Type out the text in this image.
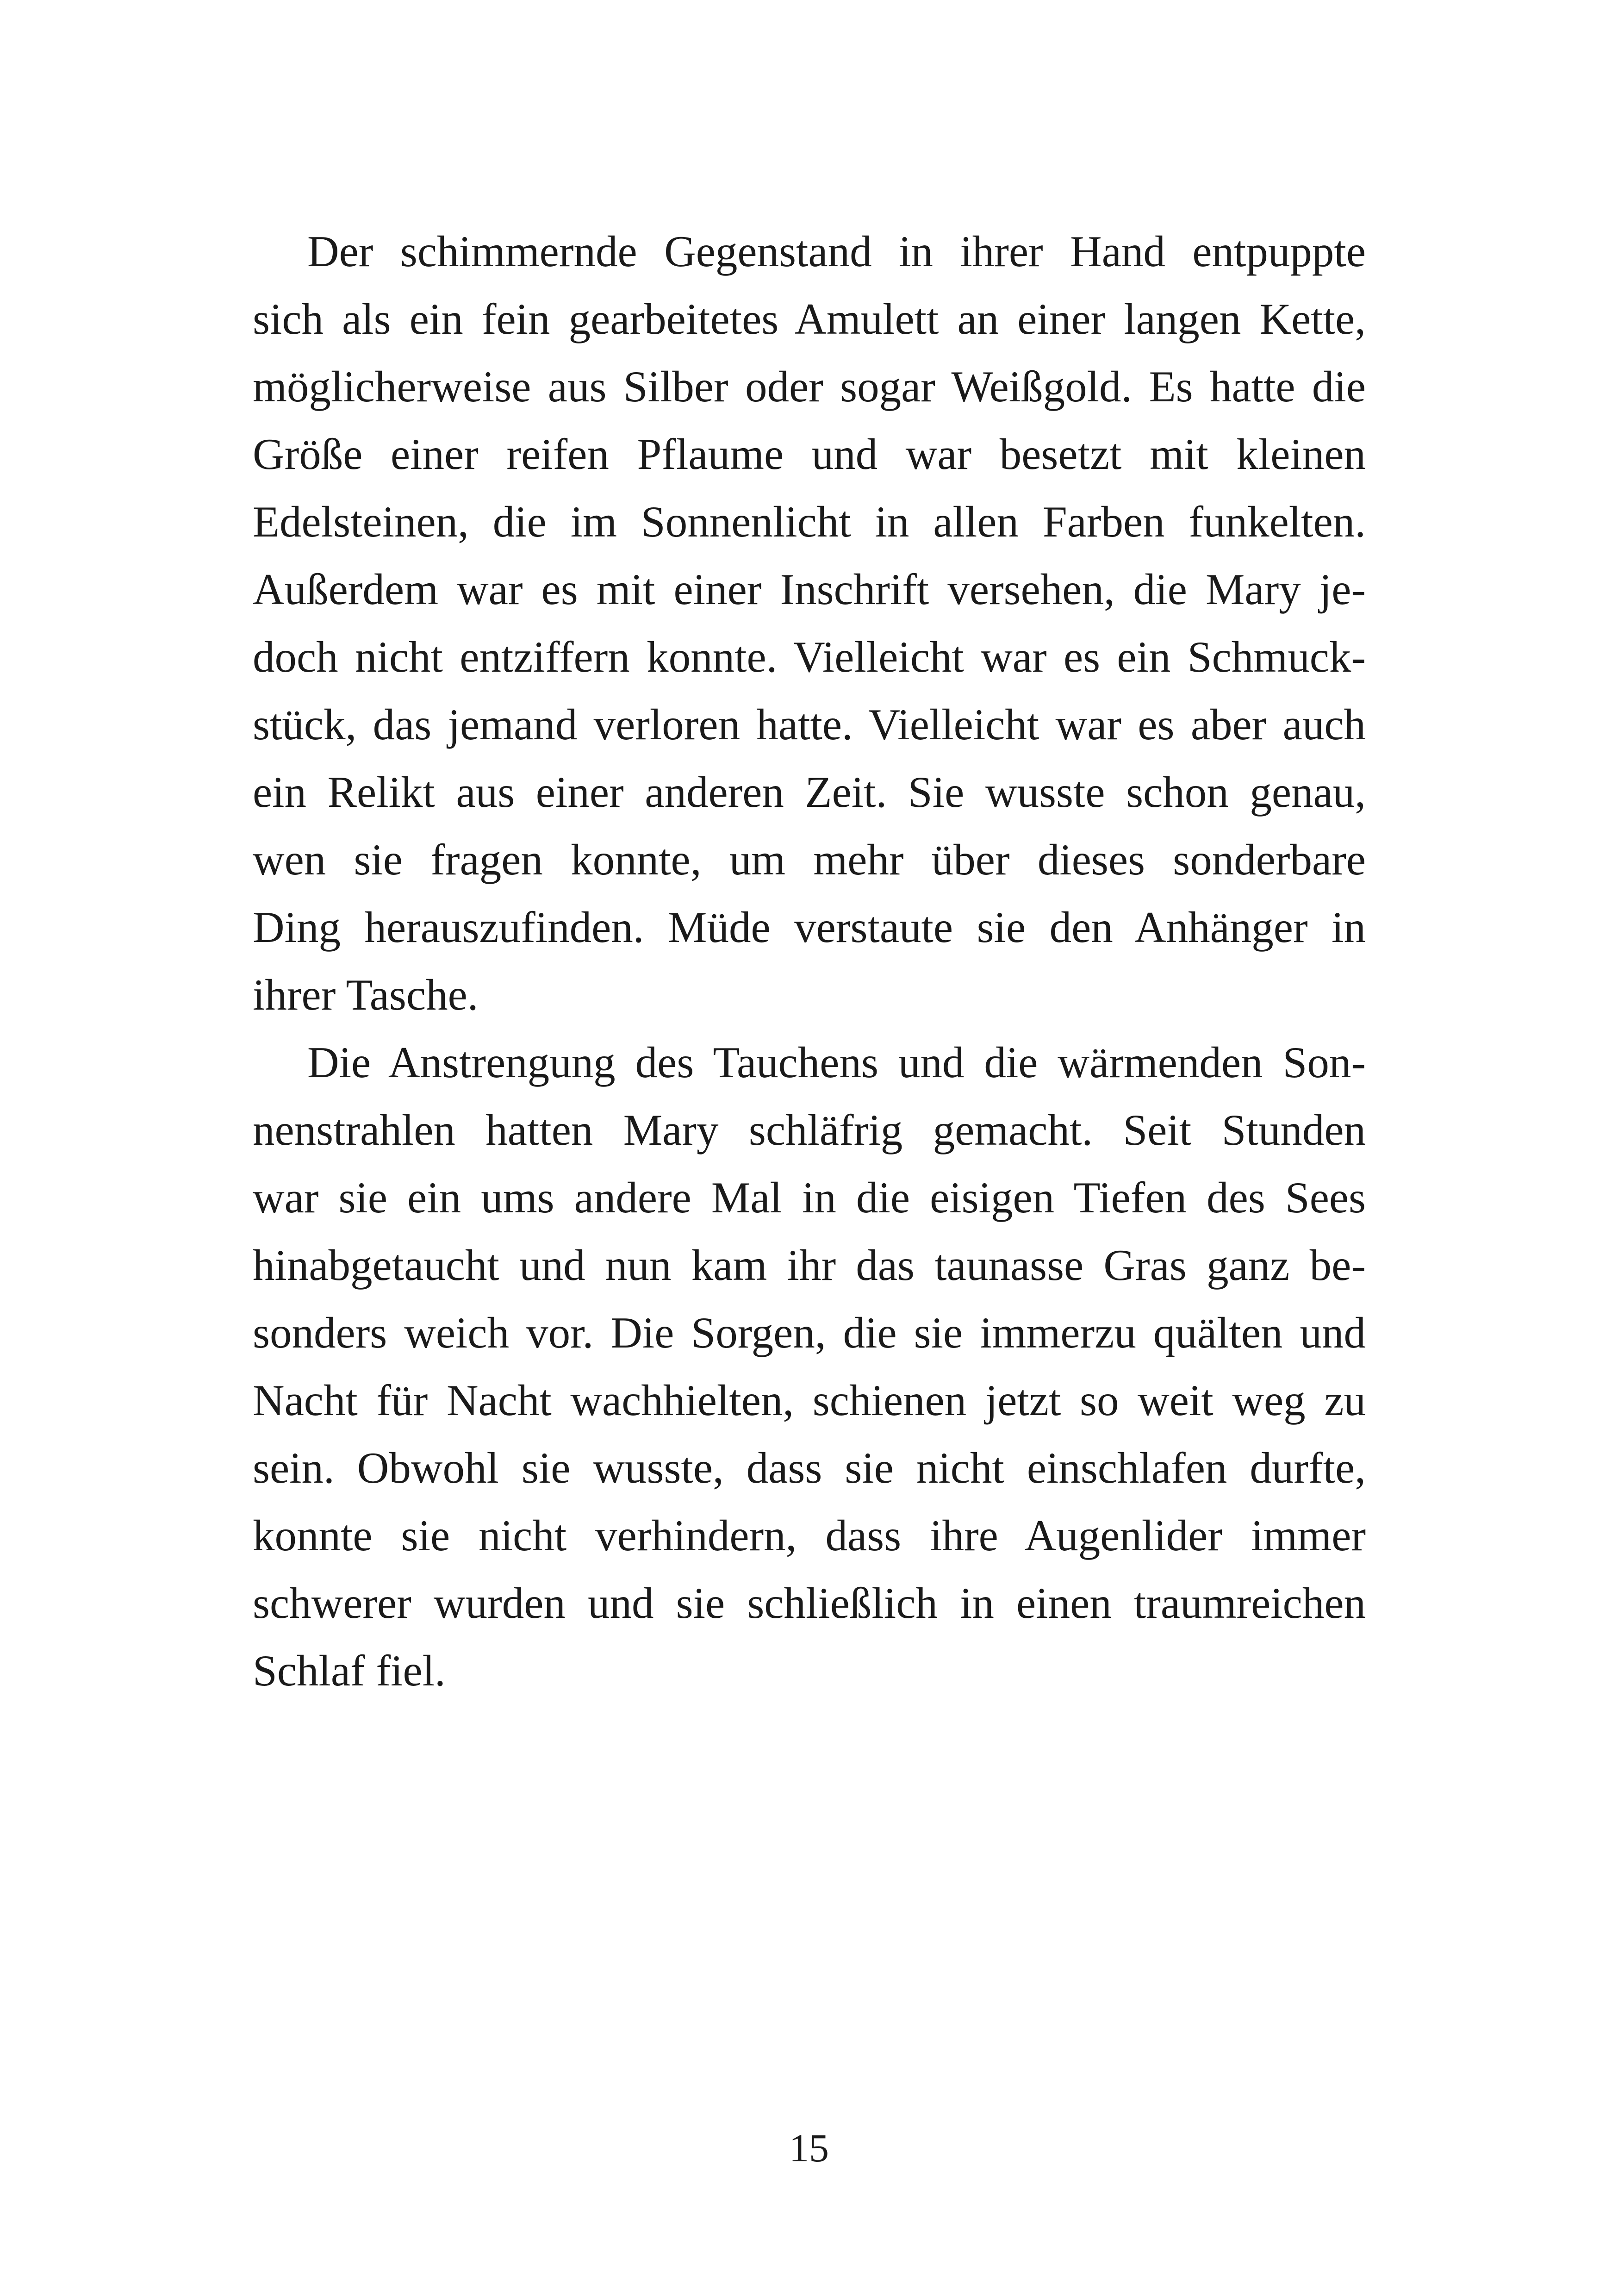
Der schimmernde Gegenstand in ihrer Hand entpuppte
sich als ein fein gearbeitetes Amulett an einer langen Kette,
möglicherweise aus Silber oder sogar Weißgold. Es hatte die
Größe einer reifen Pflaume und war besetzt mit kleinen
Edelsteinen, die im Sonnenlicht in allen Farben funkelten.
Außerdem war es mit einer Inschrift versehen, die Mary je-
doch nicht entziffern konnte. Vielleicht war es ein Schmuck-
stück, das jemand verloren hatte. Vielleicht war es aber auch
ein Relikt aus einer anderen Zeit. Sie wusste schon genau,
wen sie fragen konnte, um mehr über dieses sonderbare
Ding herauszufinden. Müde verstaute sie den Anhänger in
ihrer Tasche.
Die Anstrengung des Tauchens und die wärmenden Son-
nenstrahlen hatten Mary schläfrig gemacht. Seit Stunden
war sie ein ums andere Mal in die eisigen Tiefen des Sees
hinabgetaucht und nun kam ihr das taunasse Gras ganz be-
sonders weich vor. Die Sorgen, die sie immerzu quälten und
Nacht für Nacht wachhielten, schienen jetzt so weit weg zu
sein. Obwohl sie wusste, dass sie nicht einschlafen durfte,
konnte sie nicht verhindern, dass ihre Augenlider immer
schwerer wurden und sie schließlich in einen traumreichen
Schlaf fiel.
15
